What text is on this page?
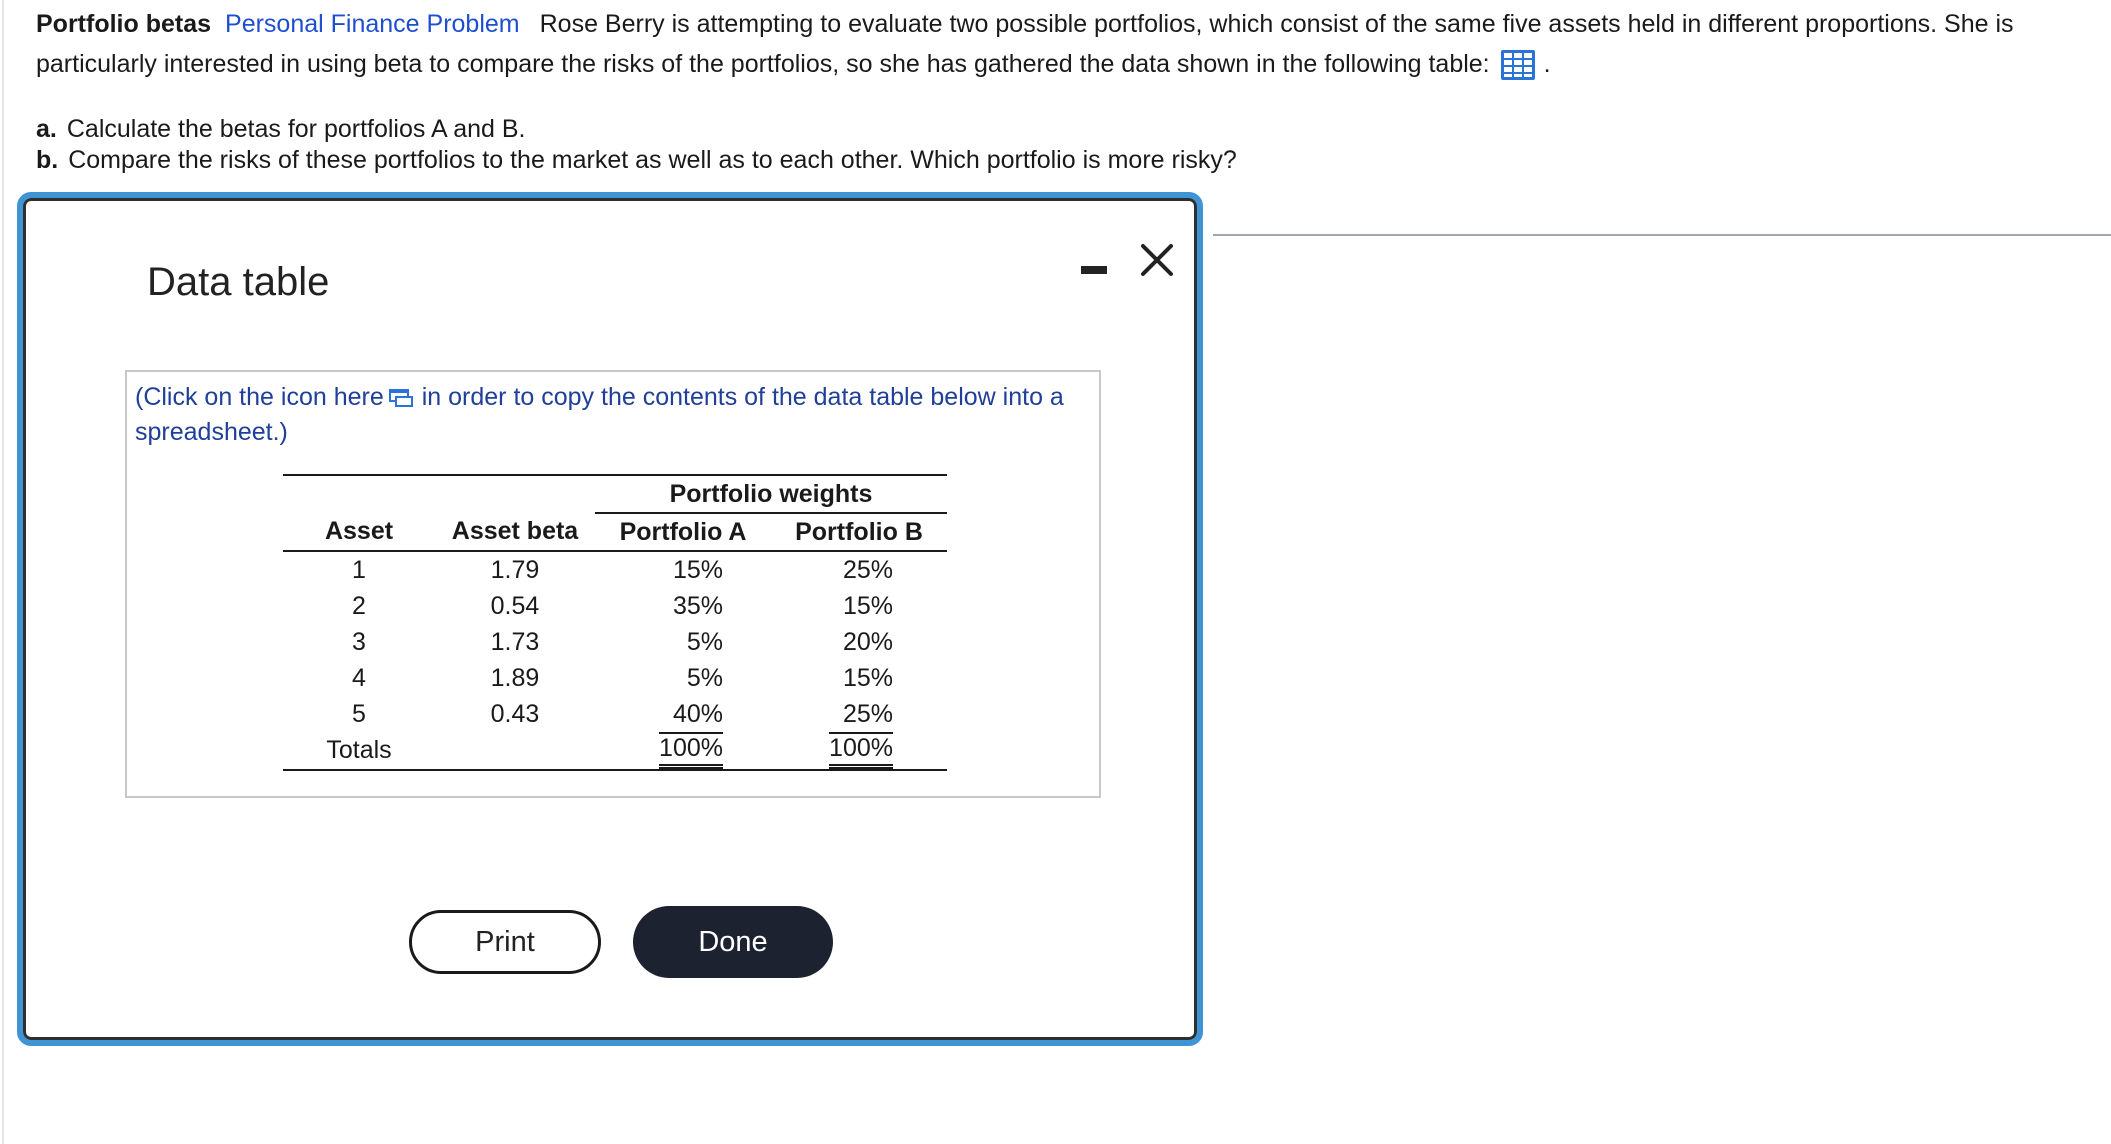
Portfolio betas Personal Finance Problem Rose Berry is attempting to evaluate two possible portfolios, which consist of the same five assets held in different proportions. She is particularly interested in using beta to compare the risks of the portfolios, so she has gathered the data shown in the following table: .
a. Calculate the betas for portfolios A and B.
b. Compare the risks of these portfolios to the market as well as to each other. Which portfolio is more risky?
Data table
(Click on the icon here in order to copy the contents of the data table below into a spreadsheet.)
		Portfolio weights	
Asset	Asset beta	Portfolio A	Portfolio B
1	1.79	15%	25%
2	0.54	35%	15%
3	1.73	5%	20%
4	1.89	5%	15%
5	0.43	40%	25%
Totals		100%	100%
Print	Done
